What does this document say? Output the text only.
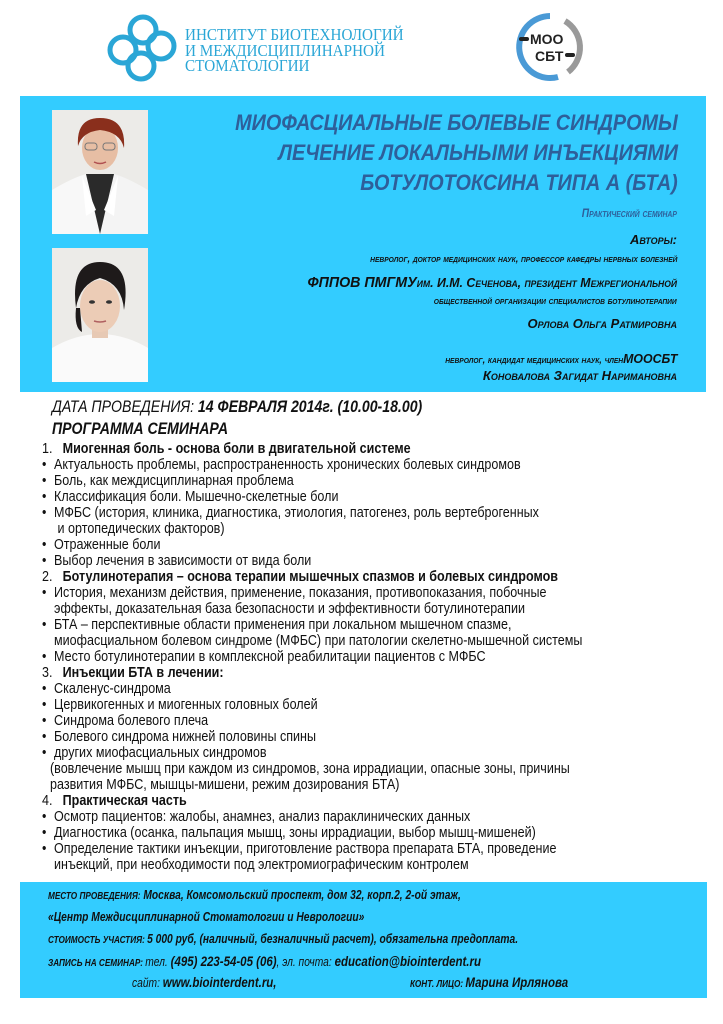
ИНСТИТУТ БИОТЕХНОЛОГИЙ
И МЕЖДИСЦИПЛИНАРНОЙ
СТОМАТОЛОГИИ
МОО
СБТ
МИОФАСЦИАЛЬНЫЕ БОЛЕВЫЕ СИНДРОМЫ
ЛЕЧЕНИЕ ЛОКАЛЬНЫМИ ИНЪЕКЦИЯМИ
БОТУЛОТОКСИНА ТИПА А (БТА)
Практический семинар
Авторы:
невролог, доктор медицинских наук, профессор кафедры нервных болезней
ФППОВ ПМГМУим. И.М. Сеченова, президент Межрегиональной
общественной организации специалистов ботулинотерапии
Орлова Ольга Ратмировна
невролог, кандидат медицинских наук, членМООСБТ
Коновалова Загидат Наримановна
ДАТА ПРОВЕДЕНИЯ: 14 ФЕВРАЛЯ 2014г. (10.00-18.00)
ПРОГРАММА СЕМИНАРА
1. Миогенная боль - основа боли в двигательной системе
• Актуальность проблемы, распространенность хронических болевых синдромов
• Боль, как междисциплинарная проблема
• Классификация боли. Мышечно-скелетные боли
• МФБС (история, клиника, диагностика, этиология, патогенез, роль вертеброгенных
и ортопедических факторов)
• Отраженные боли
• Выбор лечения в зависимости от вида боли
2. Ботулинотерапия – основа терапии мышечных спазмов и болевых синдромов
• История, механизм действия, применение, показания, противопоказания, побочные
эффекты, доказательная база безопасности и эффективности ботулинотерапии
• БТА – перспективные области применения при локальном мышечном спазме,
миофасциальном болевом синдроме (МФБС) при патологии скелетно-мышечной системы
• Место ботулинотерапии в комплексной реабилитации пациентов с МФБС
3. Инъекции БТА в лечении:
• Скаленус-синдрома
• Цервикогенных и миогенных головных болей
• Синдрома болевого плеча
• Болевого синдрома нижней половины спины
• других миофасциальных синдромов
(вовлечение мышц при каждом из синдромов, зона иррадиации, опасные зоны, причины
развития МФБС, мышцы-мишени, режим дозирования БТА)
4. Практическая часть
• Осмотр пациентов: жалобы, анамнез, анализ параклинических данных
• Диагностика (осанка, пальпация мышц, зоны иррадиации, выбор мышц-мишеней)
• Определение тактики инъекции, приготовление раствора препарата БТА, проведение
инъекций, при необходимости под электромиографическим контролем
МЕСТО ПРОВЕДЕНИЯ: Москва, Комсомольский проспект, дом 32, корп.2, 2-ой этаж,
«Центр Междисциплинарной Стоматологии и Неврологии»
СТОИМОСТЬ УЧАСТИЯ: 5 000 руб, (наличный, безналичный расчет), обязательна предоплата.
ЗАПИСЬ НА СЕМИНАР: тел. (495) 223-54-05 (06), эл. почта: education@biointerdent.ru
сайт: www.biointerdent.ru,	КОНТ. ЛИЦО: Марина Ирлянова
